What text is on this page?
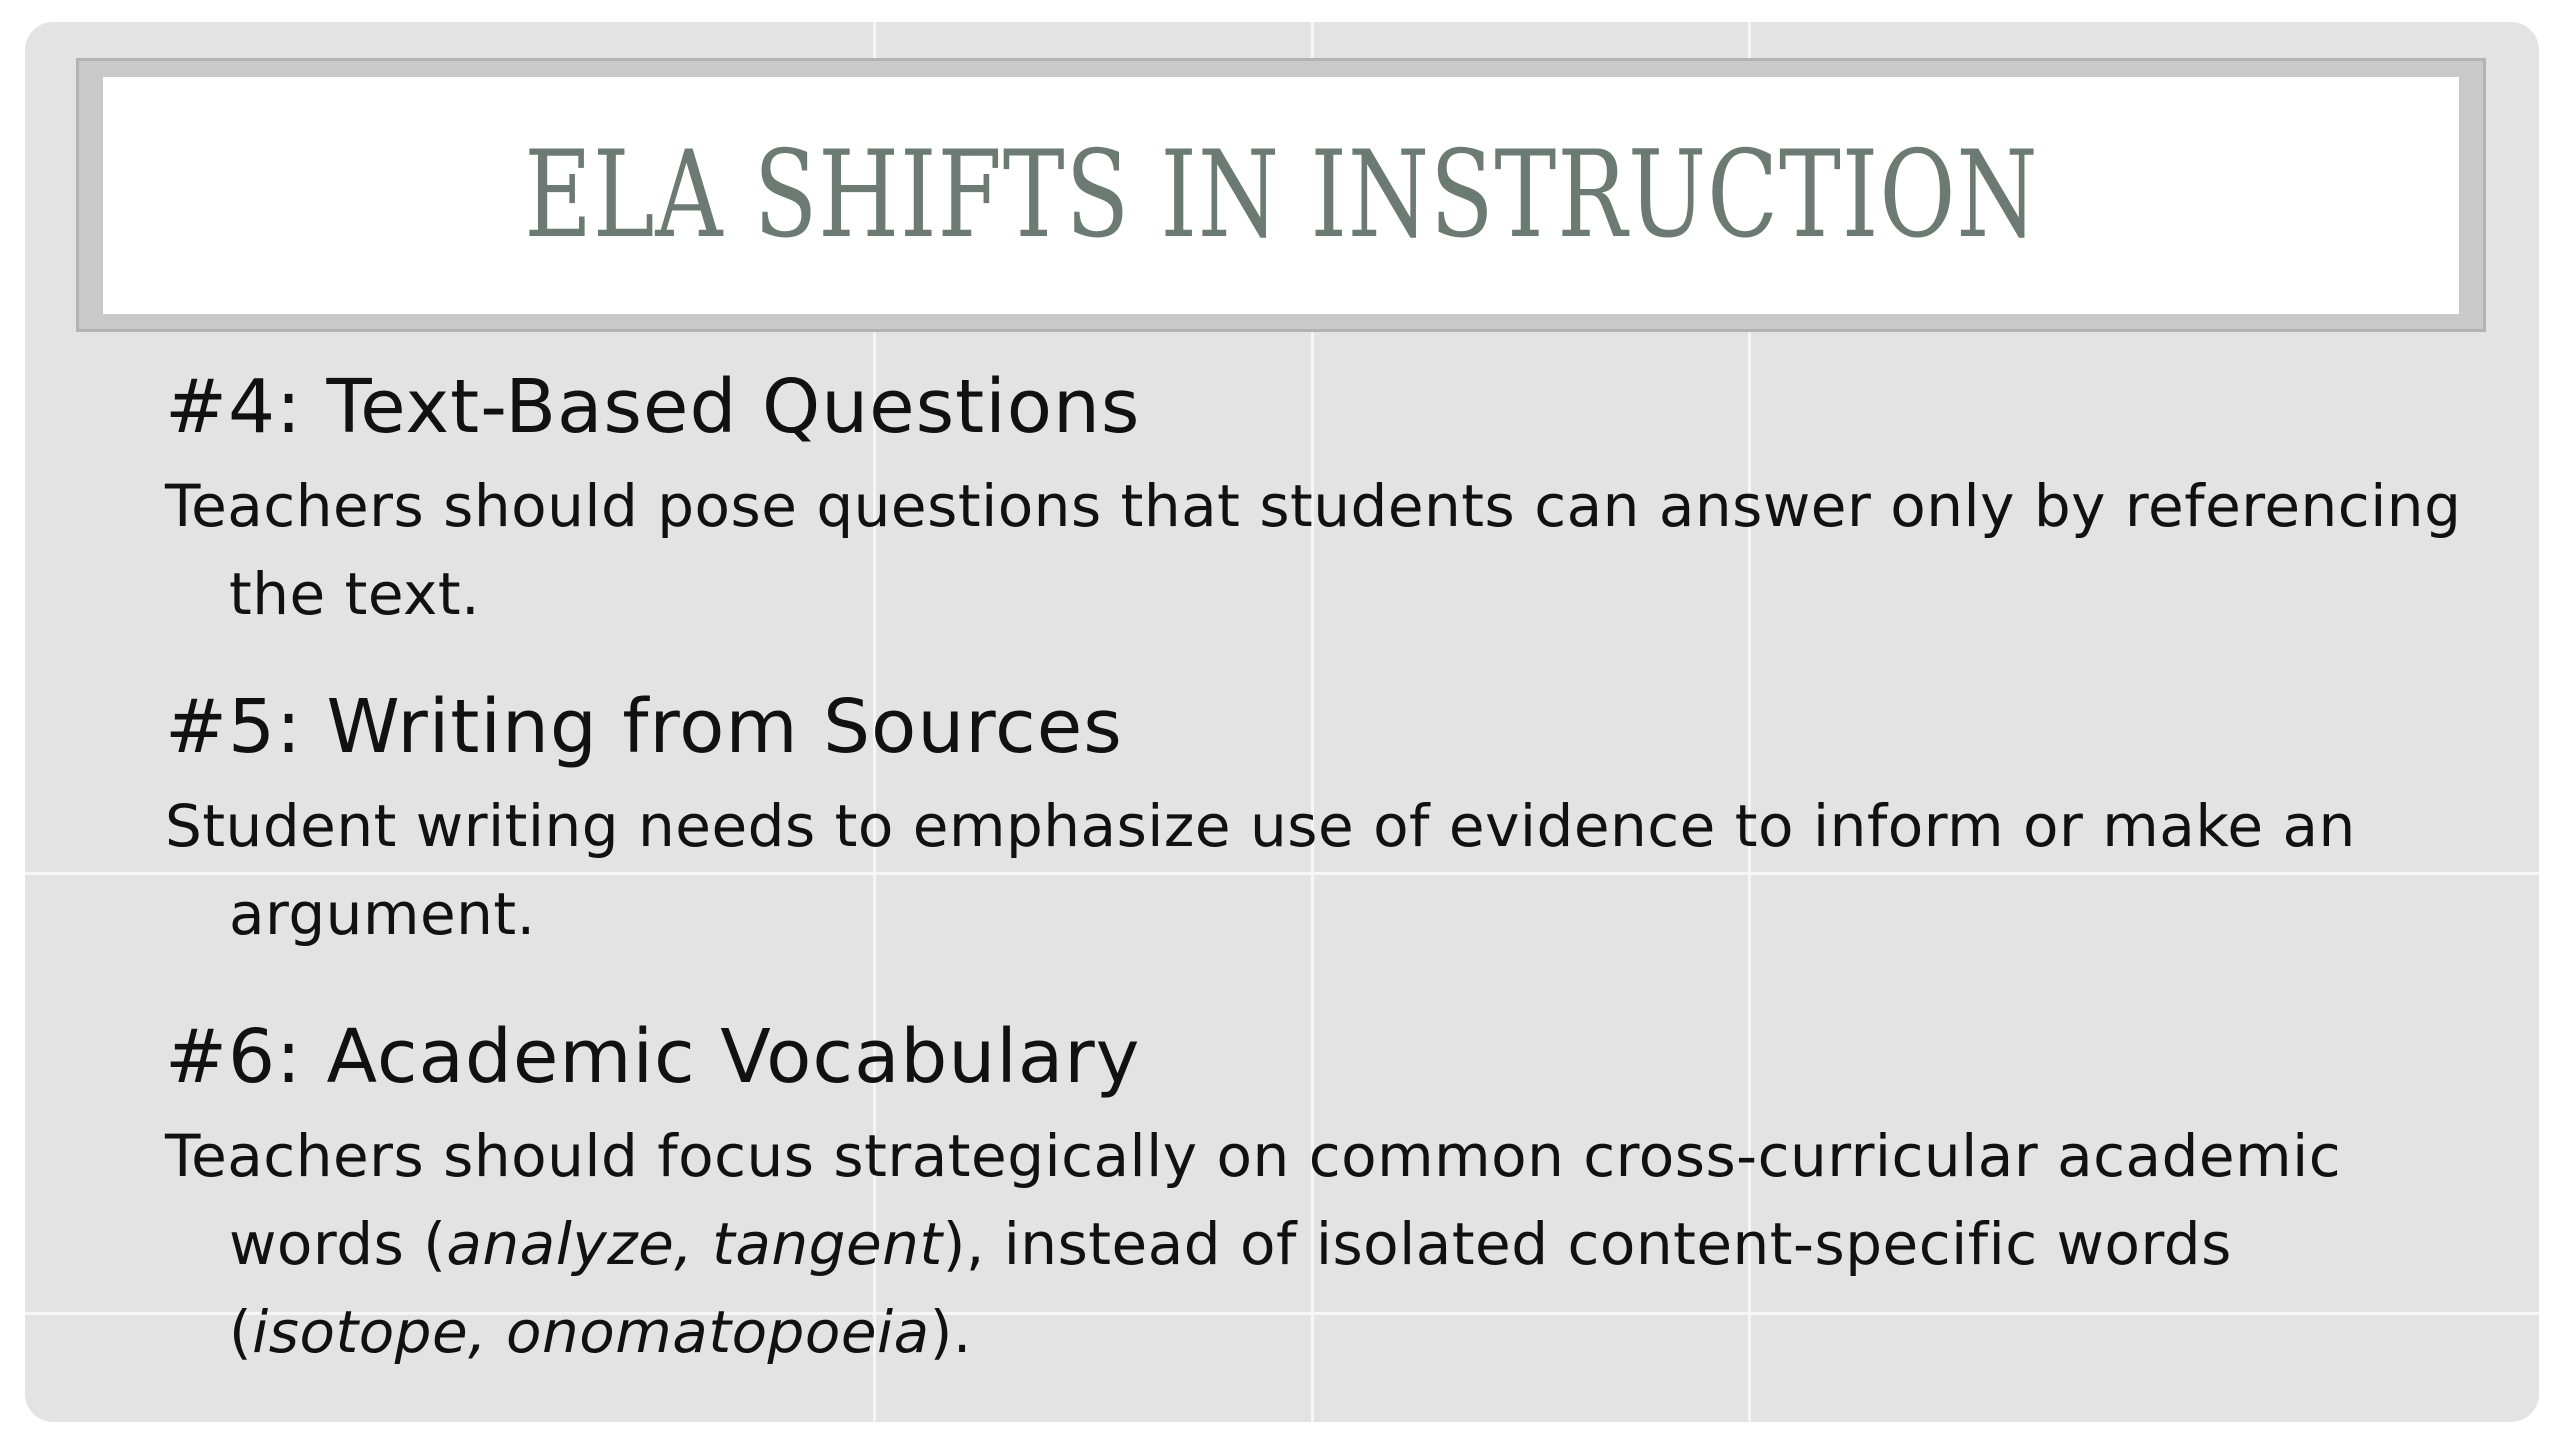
ELA SHIFTS IN INSTRUCTION

#4: Text-Based Questions

Teachers should pose questions that students can answer only by referencing the text.

#5: Writing from Sources

Student writing needs to emphasize use of evidence to inform or make an argument.

#6: Academic Vocabulary

Teachers should focus strategically on common cross-curricular academic words (analyze, tangent), instead of isolated content-specific words (isotope, onomatopoeia).
